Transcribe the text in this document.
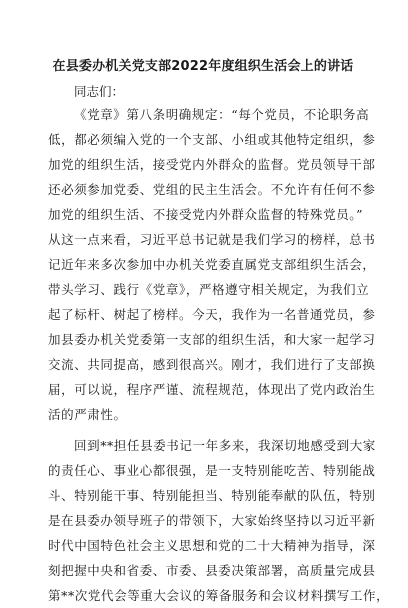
在县委办机关党支部2022年度组织生活会上的讲话

同志们：

《党章》第八条明确规定：“每个党员，不论职务高
低，都必须编入党的一个支部、小组或其他特定组织，参
加党的组织生活，接受党内外群众的监督。党员领导干部
还必须参加党委、党组的民主生活会。不允许有任何不参
加党的组织生活、不接受党内外群众监督的特殊党员。”
从这一点来看，习近平总书记就是我们学习的榜样，总书
记近年来多次参加中办机关党委直属党支部组织生活会，
带头学习、践行《党章》，严格遵守相关规定，为我们立
起了标杆、树起了榜样。今天，我作为一名普通党员，参
加县委办机关党委第一支部的组织生活，和大家一起学习
交流、共同提高，感到很高兴。刚才，我们进行了支部换
届，可以说，程序严谨、流程规范，体现出了党内政治生
活的严肃性。
回到**担任县委书记一年多来，我深切地感受到大家
的责任心、事业心都很强，是一支特别能吃苦、特别能战
斗、特别能干事、特别能担当、特别能奉献的队伍，特别
是在县委办领导班子的带领下，大家始终坚持以习近平新
时代中国特色社会主义思想和党的二十大精神为指导，深
刻把握中央和省委、市委、县委决策部署，高质量完成县
第**次党代会等重大会议的筹备服务和会议材料撰写工作，
